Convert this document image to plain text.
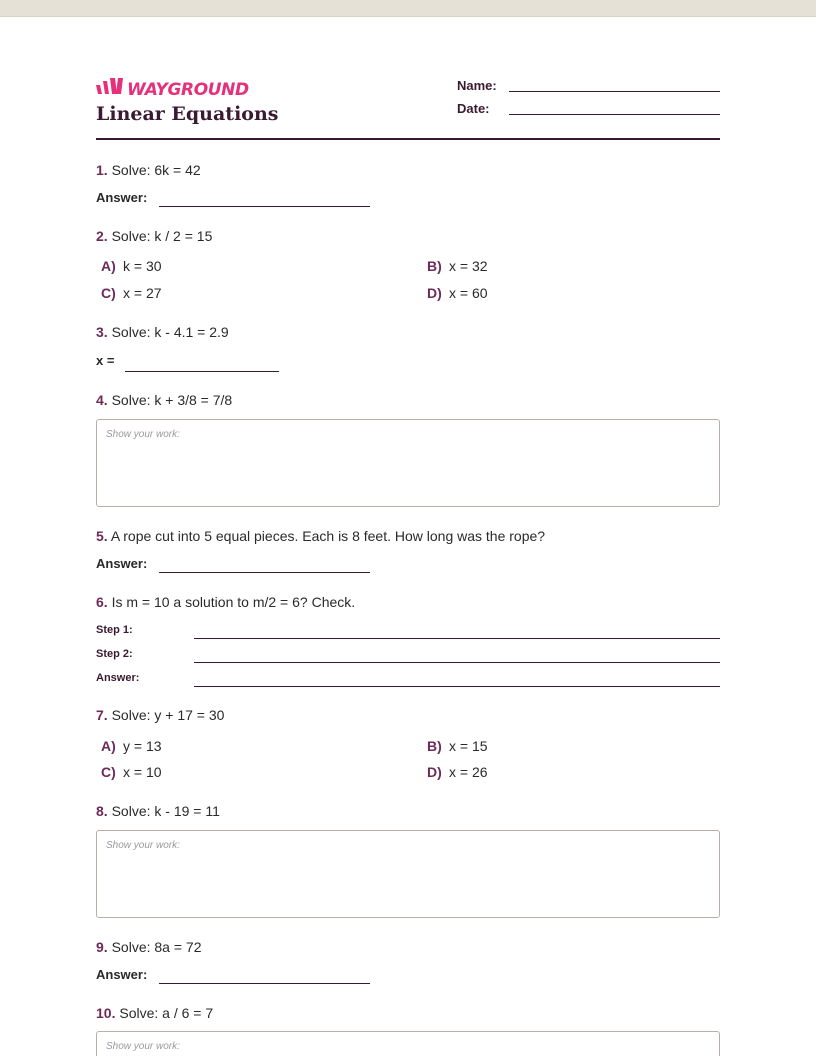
WAYGROUND
Linear Equations
Name:
Date:
1. Solve: 6k = 42
Answer:
2. Solve: k / 2 = 15
A) k = 30	B) x = 32
C) x = 27	D) x = 60
3. Solve: k - 4.1 = 2.9
x =
4. Solve: k + 3/8 = 7/8
Show your work:
5. A rope cut into 5 equal pieces. Each is 8 feet. How long was the rope?
Answer:
6. Is m = 10 a solution to m/2 = 6? Check.
Step 1:
Step 2:
Answer:
7. Solve: y + 17 = 30
A) y = 13	B) x = 15
C) x = 10	D) x = 26
8. Solve: k - 19 = 11
Show your work:
9. Solve: 8a = 72
Answer:
10. Solve: a / 6 = 7
Show your work:
